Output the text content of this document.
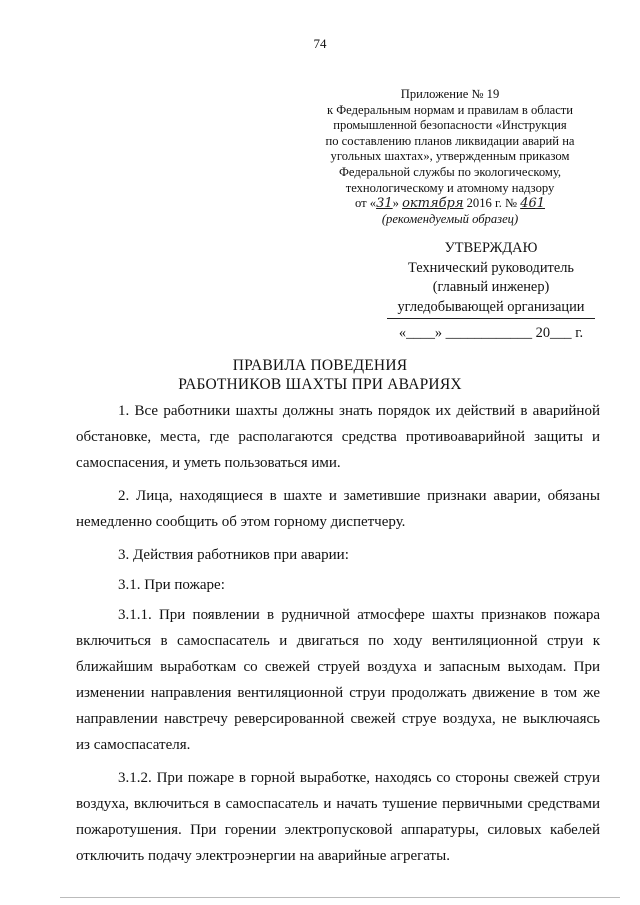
74
Приложение № 19
к Федеральным нормам и правилам в области
промышленной безопасности «Инструкция
по составлению планов ликвидации аварий на
угольных шахтах», утвержденным приказом
Федеральной службы по экологическому,
технологическому и атомному надзору
от «31» октября 2016 г. № 461
(рекомендуемый образец)
УТВЕРЖДАЮ
Технический руководитель
(главный инженер)
угледобывающей организации
«____» ____________ 20___ г.
ПРАВИЛА ПОВЕДЕНИЯ
РАБОТНИКОВ ШАХТЫ ПРИ АВАРИЯХ

1. Все работники шахты должны знать порядок их действий в аварийной обстановке, места, где располагаются средства противоаварийной защиты и самоспасения, и уметь пользоваться ими.

2. Лица, находящиеся в шахте и заметившие признаки аварии, обязаны немедленно сообщить об этом горному диспетчеру.

3. Действия работников при аварии:

3.1. При пожаре:

3.1.1. При появлении в рудничной атмосфере шахты признаков пожара включиться в самоспасатель и двигаться по ходу вентиляционной струи к ближайшим выработкам со свежей струей воздуха и запасным выходам. При изменении направления вентиляционной струи продолжать движение в том же направлении навстречу реверсированной свежей струе воздуха, не выключаясь из самоспасателя.

3.1.2. При пожаре в горной выработке, находясь со стороны свежей струи воздуха, включиться в самоспасатель и начать тушение первичными средствами пожаротушения. При горении электропусковой аппаратуры, силовых кабелей отключить подачу электроэнергии на аварийные агрегаты.
